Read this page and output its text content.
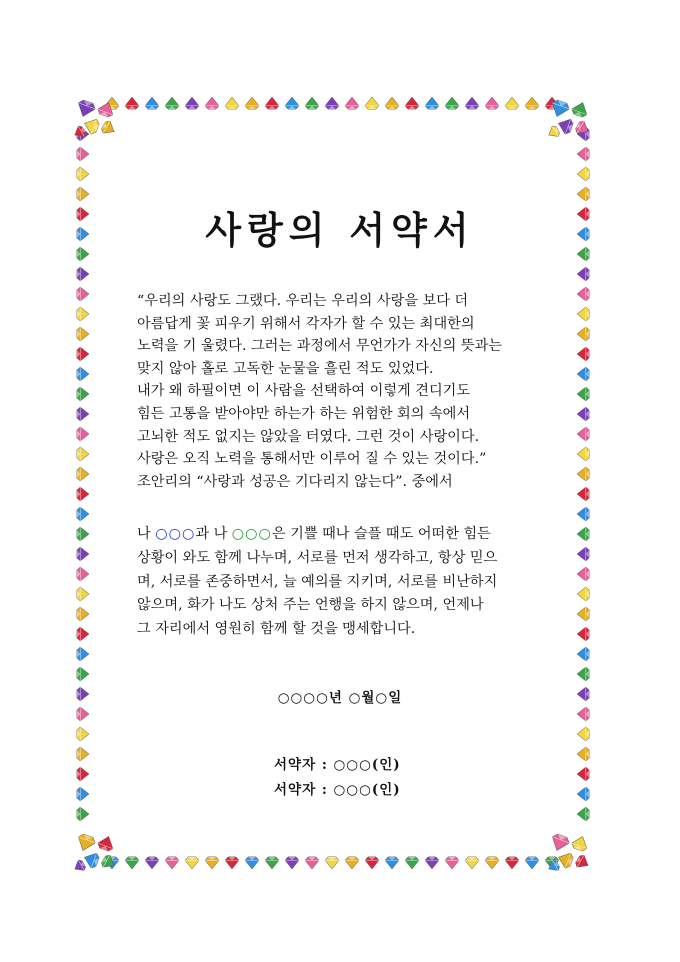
사랑의 서약서
“우리의 사랑도 그랬다. 우리는 우리의 사랑을 보다 더
아름답게 꽃 피우기 위해서 각자가 할 수 있는 최대한의
노력을 기 울렸다. 그러는 과정에서 무언가가 자신의 뜻과는
맞지 않아 홀로 고독한 눈물을 흘린 적도 있었다.
내가 왜 하필이면 이 사람을 선택하여 이렇게 견디기도
힘든 고통을 받아야만 하는가 하는 위험한 회의 속에서
고뇌한 적도 없지는 않았을 터였다. 그런 것이 사랑이다.
사랑은 오직 노력을 통해서만 이루어 질 수 있는 것이다.”
조안리의 “사랑과 성공은 기다리지 않는다”. 중에서
나 ○○○과 나 ○○○은 기쁠 때나 슬플 때도 어떠한 힘든
상황이 와도 함께 나누며, 서로를 먼저 생각하고, 항상 믿으
며, 서로를 존중하면서, 늘 예의를 지키며, 서로를 비난하지
않으며, 화가 나도 상처 주는 언행을 하지 않으며, 언제나
그 자리에서 영원히 함께 할 것을 맹세합니다.
○○○○년 ○월○일
서약자 : ○○○(인)
서약자 : ○○○(인)
